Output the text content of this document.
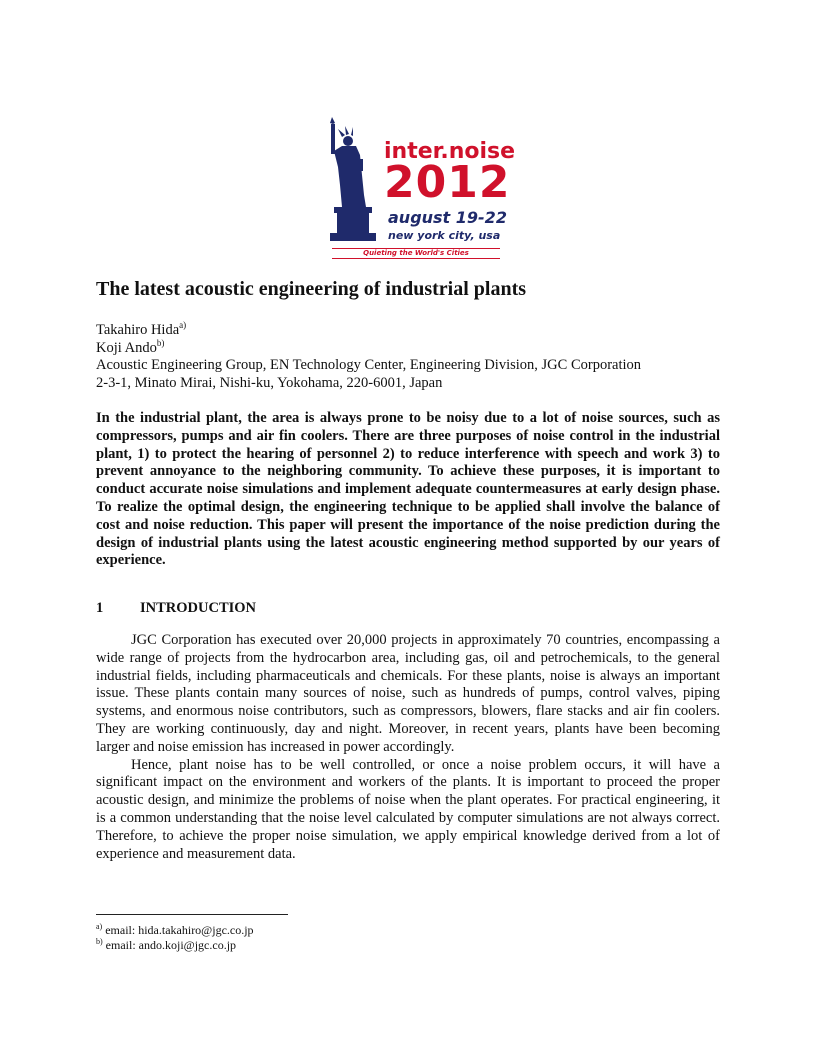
inter.noise
2012
august 19-22
new york city, usa
Quieting the World's Cities
The latest acoustic engineering of industrial plants
Takahiro Hida$^{a)}$
Koji Ando$^{b)}$
Acoustic Engineering Group, EN Technology Center, Engineering Division, JGC Corporation
2-3-1, Minato Mirai, Nishi-ku, Yokohama, 220-6001, Japan

In the industrial plant, the area is always prone to be noisy due to a lot of noise sources, such as compressors, pumps and air fin coolers. There are three purposes of noise control in the industrial plant, 1) to protect the hearing of personnel 2) to reduce interference with speech and work 3) to prevent annoyance to the neighboring community. To achieve these purposes, it is important to conduct accurate noise simulations and implement adequate countermeasures at early design phase. To realize the optimal design, the engineering technique to be applied shall involve the balance of cost and noise reduction. This paper will present the importance of the noise prediction during the design of industrial plants using the latest acoustic engineering method supported by our years of experience.

1	INTRODUCTION

JGC Corporation has executed over 20,000 projects in approximately 70 countries, encompassing a wide range of projects from the hydrocarbon area, including gas, oil and petrochemicals, to the general industrial fields, including pharmaceuticals and chemicals. For these plants, noise is always an important issue. These plants contain many sources of noise, such as hundreds of pumps, control valves, piping systems, and enormous noise contributors, such as compressors, blowers, flare stacks and air fin coolers. They are working continuously, day and night. Moreover, in recent years, plants have been becoming larger and noise emission has increased in power accordingly.

Hence, plant noise has to be well controlled, or once a noise problem occurs, it will have a significant impact on the environment and workers of the plants. It is important to proceed the proper acoustic design, and minimize the problems of noise when the plant operates. For practical engineering, it is a common understanding that the noise level calculated by computer simulations are not always correct. Therefore, to achieve the proper noise simulation, we apply empirical knowledge derived from a lot of experience and measurement data.

$^{a)}$ email: hida.takahiro@jgc.co.jp
$^{b)}$ email: ando.koji@jgc.co.jp
